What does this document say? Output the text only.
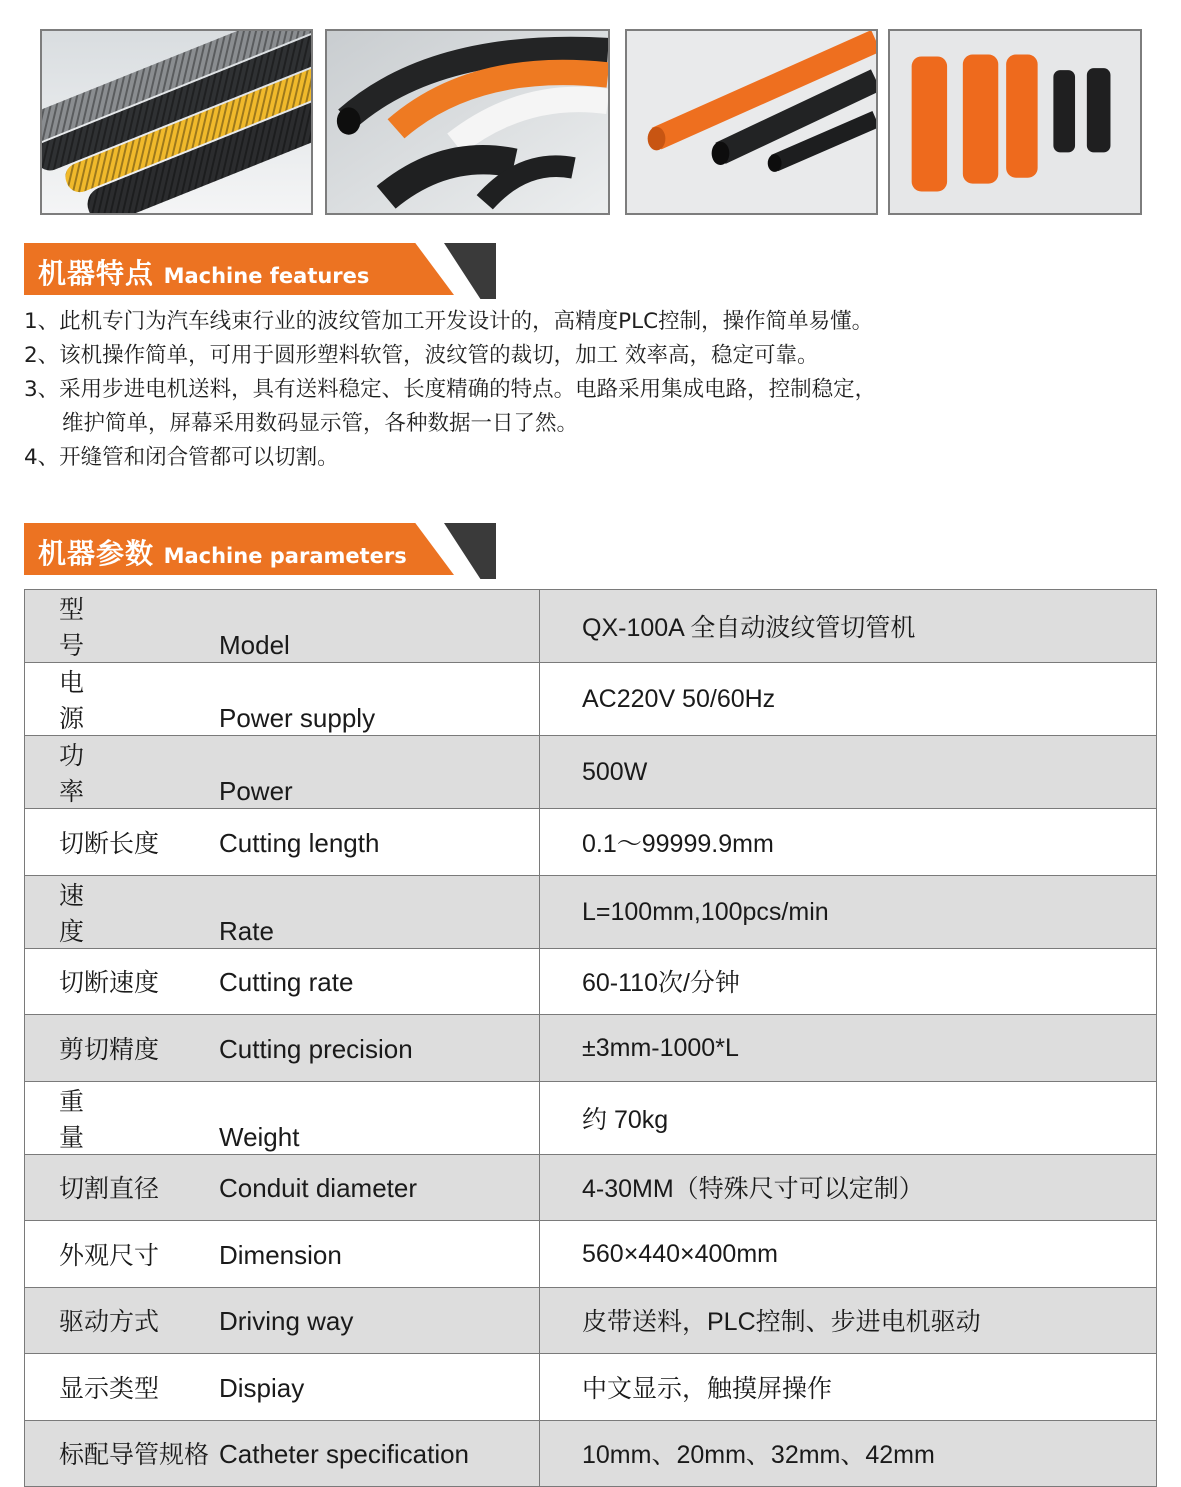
机器特点 Machine features
1、此机专门为汽车线束行业的波纹管加工开发设计的，高精度PLC控制，操作简单易懂。
2、该机操作简单，可用于圆形塑料软管，波纹管的裁切，加工 效率高，稳定可靠。
3、采用步进电机送料，具有送料稳定、长度精确的特点。电路采用集成电路，控制稳定，
维护简单，屏幕采用数码显示管，各种数据一日了然。
4、开缝管和闭合管都可以切割。
机器参数 Machine parameters
型号 Model	QX-100A 全自动波纹管切管机
电源 Power supply	AC220V 50/60Hz
功率 Power	500W
切断长度 Cutting length	0.1～99999.9mm
速度 Rate	L=100mm,100pcs/min
切断速度 Cutting rate	60-110次/分钟
剪切精度 Cutting precision	±3mm-1000*L
重量 Weight	约 70kg
切割直径 Conduit diameter	4-30MM（特殊尺寸可以定制）
外观尺寸 Dimension	560×440×400mm
驱动方式 Driving way	皮带送料，PLC控制、步进电机驱动
显示类型 Dispiay	中文显示，触摸屏操作
标配导管规格 Catheter specification	10mm、20mm、32mm、42mm
